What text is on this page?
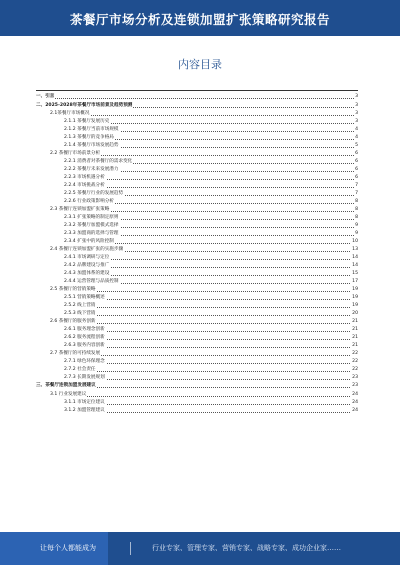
茶餐厅市场分析及连锁加盟扩张策略研究报告
内容目录
一、引言	3
二、2025-2028年茶餐厅市场前景及趋势预测	3
2.1茶餐厅市场概况	3
2.1.1 茶餐厅发展历史	3
2.1.2 茶餐厅当前市场规模	4
2.1.3 茶餐厅的竞争格局	4
2.1.4 茶餐厅市场发展趋势	5
2.2 茶餐厅市场前景分析	6
2.2.1 消费者对茶餐厅的需求变化	6
2.2.2 茶餐厅未来发展潜力	6
2.2.3 市场机遇分析	6
2.2.4 市场挑战分析	7
2.2.5 茶餐厅行业的发展趋势	7
2.2.6 行业政策影响分析	8
2.3 茶餐厅连锁加盟扩张策略	8
2.3.1 扩张策略的制定原则	8
2.3.2 茶餐厅加盟模式选择	9
2.3.3 加盟商的选择与管理	9
2.3.4 扩张中的风险控制	10
2.4 茶餐厅连锁加盟扩张的实施步骤	13
2.4.1 市场调研与定位	14
2.4.2 品牌建设与推广	14
2.4.3 加盟体系的建设	15
2.4.4 运营管理与品质控制	17
2.5 茶餐厅的营销策略	19
2.5.1 营销策略概述	19
2.5.2 线上营销	19
2.5.3 线下营销	20
2.6 茶餐厅的服务创新	21
2.6.1 服务理念创新	21
2.6.2 服务流程创新	21
2.6.3 服务内容创新	21
2.7 茶餐厅的可持续发展	22
2.7.1 绿色环保理念	22
2.7.2 社会责任	22
2.7.3 长期发展规划	23
三、茶餐厅连锁加盟发展建议	23
3.1 行业发展建议	24
3.1.1 市场定位建议	24
3.1.2 加盟管理建议	24
让每个人都能成为	行业专家、管理专家、营销专家、战略专家、成功企业家……
